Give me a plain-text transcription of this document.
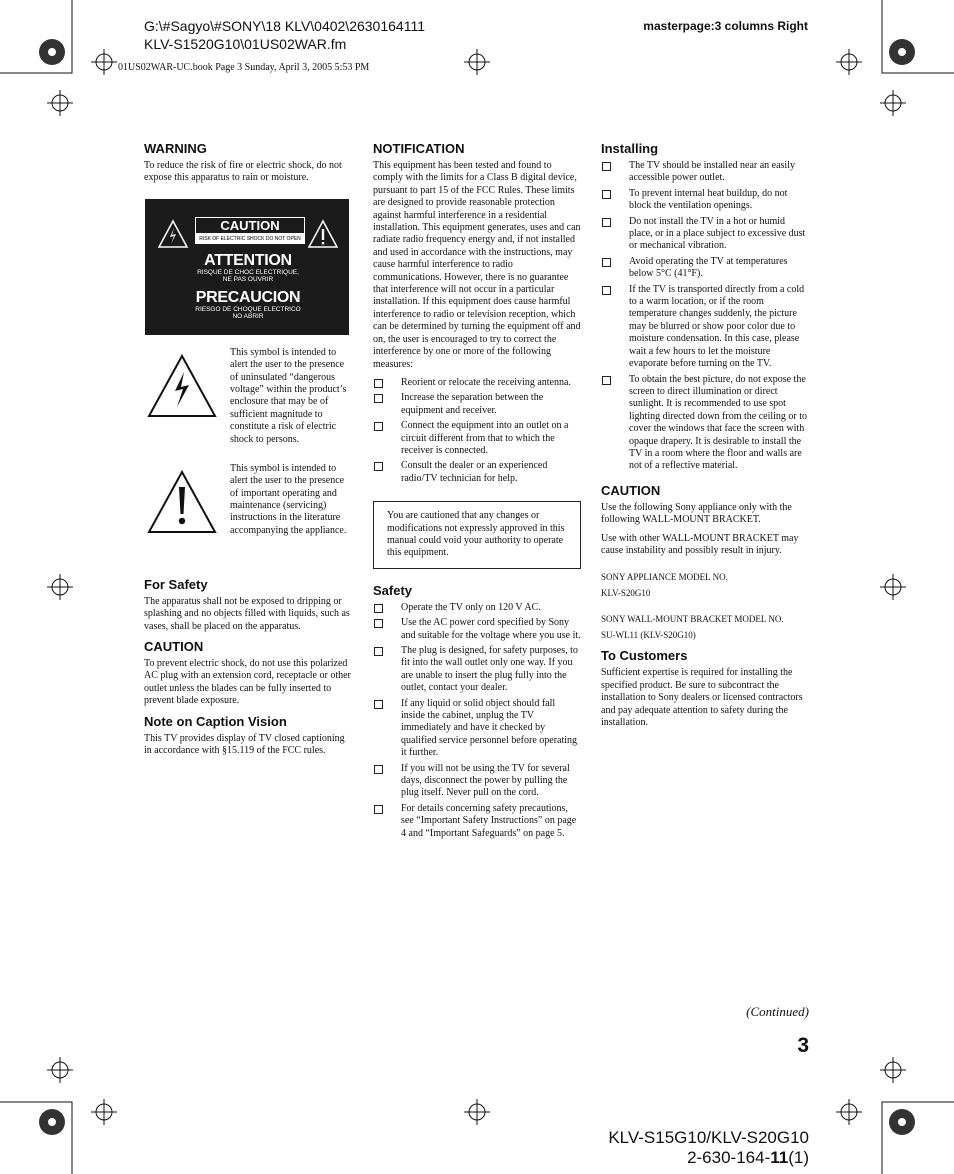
G:\#Sagyo\#SONY\18 KLV\0402\2630164111
KLV-S1520G10\01US02WAR.fm
masterpage:3 columns Right
01US02WAR-UC.book Page 3 Sunday, April 3, 2005 5:53 PM
WARNING

To reduce the risk of fire or electric shock, do not expose this apparatus to rain or moisture.

CAUTION
RISK OF ELECTRIC SHOCK DO NOT OPEN
ATTENTION
RISQUE DE CHOC ELECTRIQUE,
NE PAS OUVRIR
PRECAUCION
RIESGO DE CHOQUE ELECTRICO
NO ABRIR
This symbol is intended to alert the user to the presence of uninsulated “dangerous voltage” within the product’s enclosure that may be of sufficient magnitude to constitute a risk of electric shock to persons.
This symbol is intended to alert the user to the presence of important operating and maintenance (servicing) instructions in the literature accompanying the appliance.
For Safety

The apparatus shall not be exposed to dripping or splashing and no objects filled with liquids, such as vases, shall be placed on the apparatus.

CAUTION

To prevent electric shock, do not use this polarized AC plug with an extension cord, receptacle or other outlet unless the blades can be fully inserted to prevent blade exposure.

Note on Caption Vision

This TV provides display of TV closed captioning in accordance with §15.119 of the FCC rules.

NOTIFICATION

This equipment has been tested and found to comply with the limits for a Class B digital device, pursuant to part 15 of the FCC Rules. These limits are designed to provide reasonable protection against harmful interference in a residential installation. This equipment generates, uses and can radiate radio frequency energy and, if not installed and used in accordance with the instructions, may cause harmful interference to radio communications. However, there is no guarantee that interference will not occur in a particular installation. If this equipment does cause harmful interference to radio or television reception, which can be determined by turning the equipment off and on, the user is encouraged to try to correct the interference by one or more of the following measures:

Reorient or relocate the receiving antenna.
Increase the separation between the equipment and receiver.
Connect the equipment into an outlet on a circuit different from that to which the receiver is connected.
Consult the dealer or an experienced radio/TV technician for help.
You are cautioned that any changes or modifications not expressly approved in this manual could void your authority to operate this equipment.
Safety
Operate the TV only on 120 V AC.
Use the AC power cord specified by Sony and suitable for the voltage where you use it.
The plug is designed, for safety purposes, to fit into the wall outlet only one way. If you are unable to insert the plug fully into the outlet, contact your dealer.
If any liquid or solid object should fall inside the cabinet, unplug the TV immediately and have it checked by qualified service personnel before operating it further.
If you will not be using the TV for several days, disconnect the power by pulling the plug itself. Never pull on the cord.
For details concerning safety precautions, see “Important Safety Instructions” on page 4 and “Important Safeguards” on page 5.
Installing
The TV should be installed near an easily accessible power outlet.
To prevent internal heat buildup, do not block the ventilation openings.
Do not install the TV in a hot or humid place, or in a place subject to excessive dust or mechanical vibration.
Avoid operating the TV at temperatures below 5°C (41°F).
If the TV is transported directly from a cold to a warm location, or if the room temperature changes suddenly, the picture may be blurred or show poor color due to moisture condensation. In this case, please wait a few hours to let the moisture evaporate before turning on the TV.
To obtain the best picture, do not expose the screen to direct illumination or direct sunlight. It is recommended to use spot lighting directed down from the ceiling or to cover the windows that face the screen with opaque drapery. It is desirable to install the TV in a room where the floor and walls are not of a reflective material.
CAUTION

Use the following Sony appliance only with the following WALL-MOUNT BRACKET.

Use with other WALL-MOUNT BRACKET may cause instability and possibly result in injury.

SONY APPLIANCE MODEL NO.
KLV-S20G10
SONY WALL-MOUNT BRACKET MODEL NO.
SU-WL11 (KLV-S20G10)
To Customers

Sufficient expertise is required for installing the specified product. Be sure to subcontract the installation to Sony dealers or licensed contractors and pay adequate attention to safety during the installation.

(Continued)
3
KLV-S15G10/KLV-S20G10
2-630-164-11(1)
